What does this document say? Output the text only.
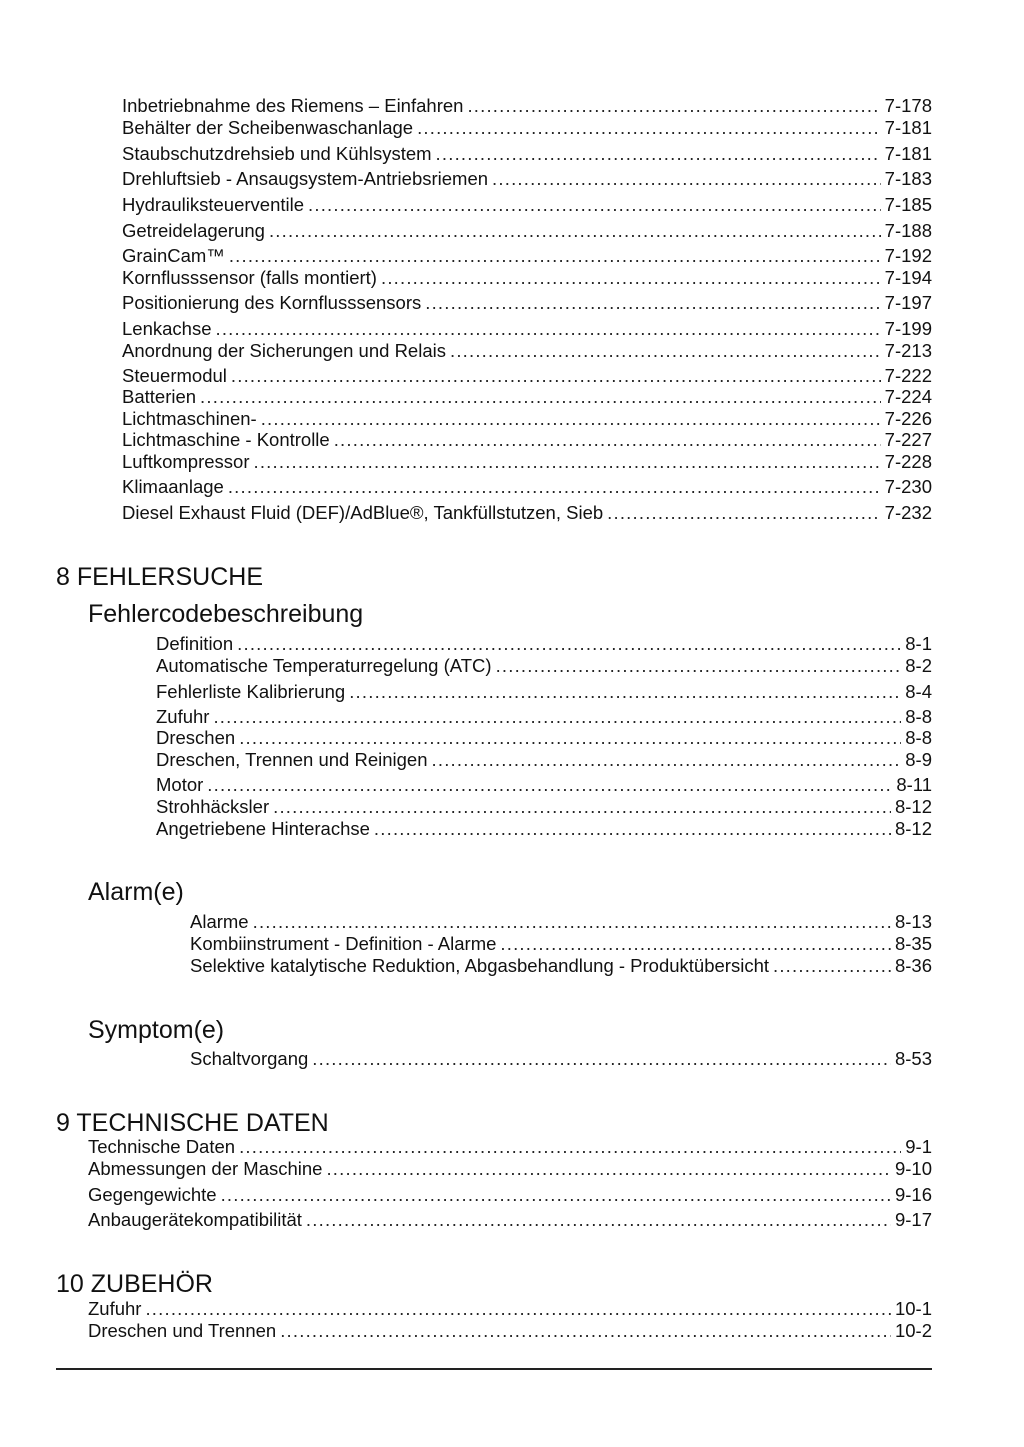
Inbetriebnahme des Riemens – Einfahren .....	7-178
Behälter der Scheibenwaschanlage .....	7-181
Staubschutzdrehsieb und Kühlsystem .....	7-181
Drehluftsieb - Ansaugsystem-Antriebsriemen .....	7-183
Hydrauliksteuerventile .....	7-185
Getreidelagerung .....	7-188
GrainCam™ .....	7-192
Kornflusssensor (falls montiert) .....	7-194
Positionierung des Kornflusssensors .....	7-197
Lenkachse .....	7-199
Anordnung der Sicherungen und Relais .....	7-213
Steuermodul .....	7-222
Batterien .....	7-224
Lichtmaschinen- .....	7-226
Lichtmaschine - Kontrolle .....	7-227
Luftkompressor .....	7-228
Klimaanlage .....	7-230
Diesel Exhaust Fluid (DEF)/AdBlue®, Tankfüllstutzen, Sieb .....	7-232
8 FEHLERSUCHE
Fehlercodebeschreibung
Definition .....	8-1
Automatische Temperaturregelung (ATC) .....	8-2
Fehlerliste Kalibrierung .....	8-4
Zufuhr .....	8-8
Dreschen .....	8-8
Dreschen, Trennen und Reinigen .....	8-9
Motor .....	8-11
Strohhäcksler .....	8-12
Angetriebene Hinterachse .....	8-12
Alarm(e)
Alarme .....	8-13
Kombiinstrument - Definition - Alarme .....	8-35
Selektive katalytische Reduktion, Abgasbehandlung - Produktübersicht .....	8-36
Symptom(e)
Schaltvorgang .....	8-53
9 TECHNISCHE DATEN
Technische Daten .....	9-1
Abmessungen der Maschine .....	9-10
Gegengewichte .....	9-16
Anbaugerätekompatibilität .....	9-17
10 ZUBEHÖR
Zufuhr .....	10-1
Dreschen und Trennen .....	10-2
